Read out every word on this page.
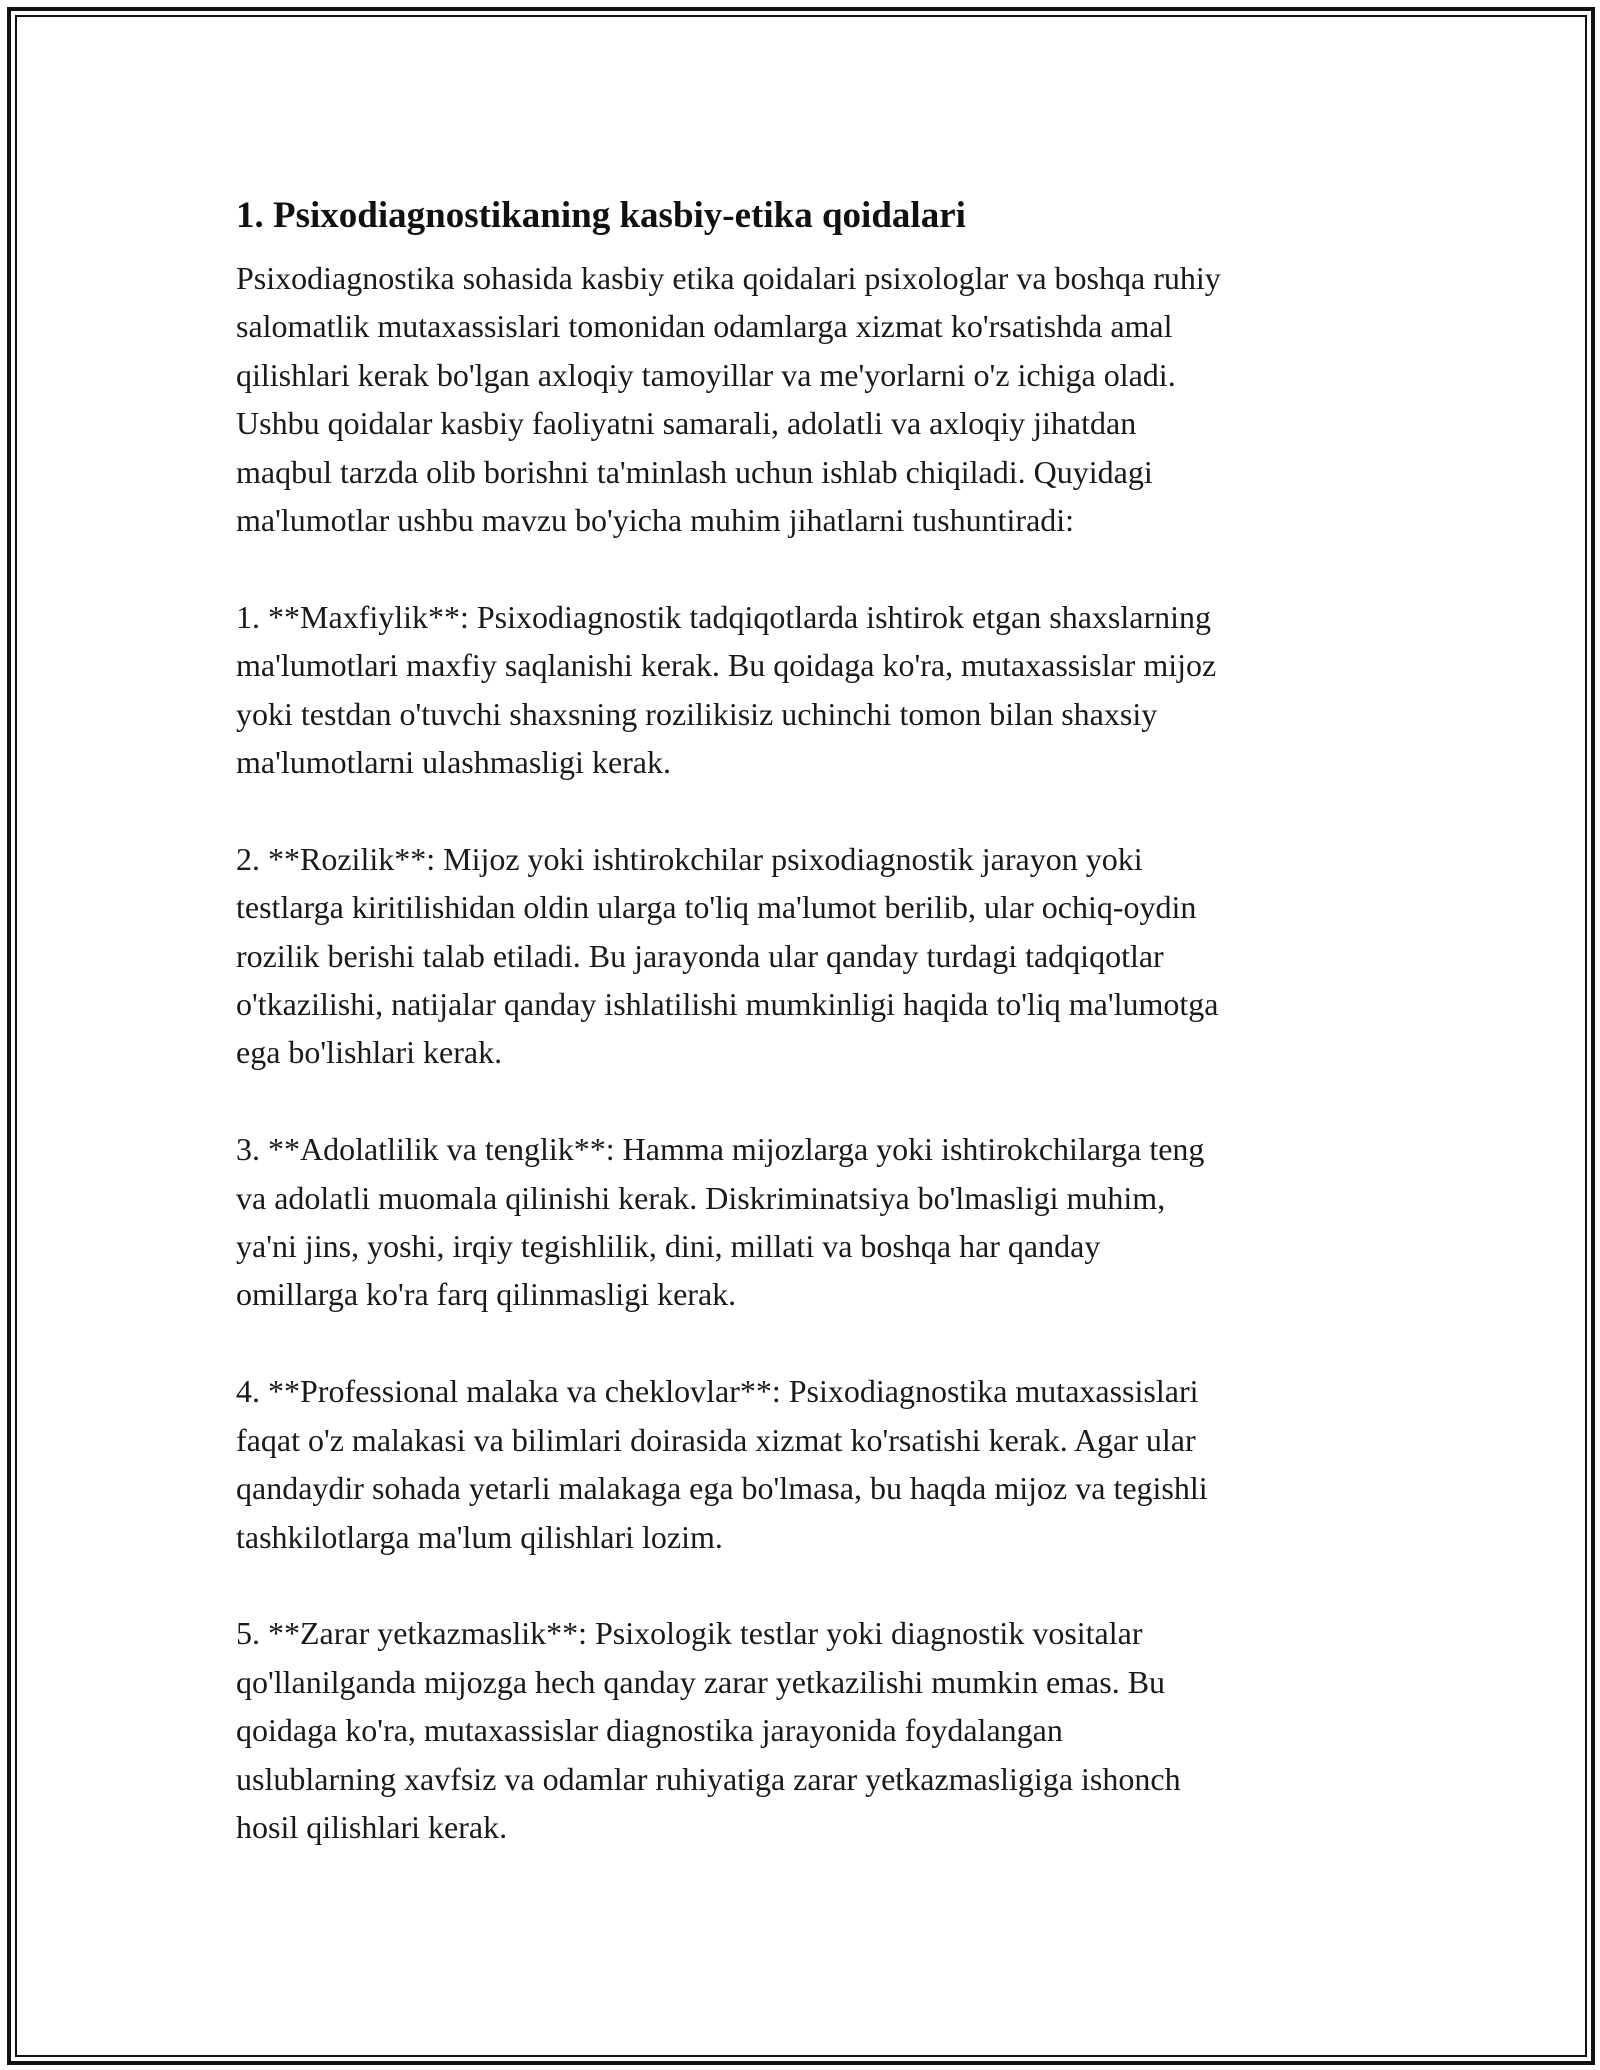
1. Psixodiagnostikaning kasbiy-etika qoidalari

Psixodiagnostika sohasida kasbiy etika qoidalari psixologlar va boshqa ruhiy
salomatlik mutaxassislari tomonidan odamlarga xizmat ko'rsatishda amal
qilishlari kerak bo'lgan axloqiy tamoyillar va me'yorlarni o'z ichiga oladi.
Ushbu qoidalar kasbiy faoliyatni samarali, adolatli va axloqiy jihatdan
maqbul tarzda olib borishni ta'minlash uchun ishlab chiqiladi. Quyidagi
ma'lumotlar ushbu mavzu bo'yicha muhim jihatlarni tushuntiradi:

1. **Maxfiylik**: Psixodiagnostik tadqiqotlarda ishtirok etgan shaxslarning
ma'lumotlari maxfiy saqlanishi kerak. Bu qoidaga ko'ra, mutaxassislar mijoz
yoki testdan o'tuvchi shaxsning rozilikisiz uchinchi tomon bilan shaxsiy
ma'lumotlarni ulashmasligi kerak.

2. **Rozilik**: Mijoz yoki ishtirokchilar psixodiagnostik jarayon yoki
testlarga kiritilishidan oldin ularga to'liq ma'lumot berilib, ular ochiq-oydin
rozilik berishi talab etiladi. Bu jarayonda ular qanday turdagi tadqiqotlar
o'tkazilishi, natijalar qanday ishlatilishi mumkinligi haqida to'liq ma'lumotga
ega bo'lishlari kerak.

3. **Adolatlilik va tenglik**: Hamma mijozlarga yoki ishtirokchilarga teng
va adolatli muomala qilinishi kerak. Diskriminatsiya bo'lmasligi muhim,
ya'ni jins, yoshi, irqiy tegishlilik, dini, millati va boshqa har qanday
omillarga ko'ra farq qilinmasligi kerak.

4. **Professional malaka va cheklovlar**: Psixodiagnostika mutaxassislari
faqat o'z malakasi va bilimlari doirasida xizmat ko'rsatishi kerak. Agar ular
qandaydir sohada yetarli malakaga ega bo'lmasa, bu haqda mijoz va tegishli
tashkilotlarga ma'lum qilishlari lozim.

5. **Zarar yetkazmaslik**: Psixologik testlar yoki diagnostik vositalar
qo'llanilganda mijozga hech qanday zarar yetkazilishi mumkin emas. Bu
qoidaga ko'ra, mutaxassislar diagnostika jarayonida foydalangan
uslublarning xavfsiz va odamlar ruhiyatiga zarar yetkazmasligiga ishonch
hosil qilishlari kerak.
